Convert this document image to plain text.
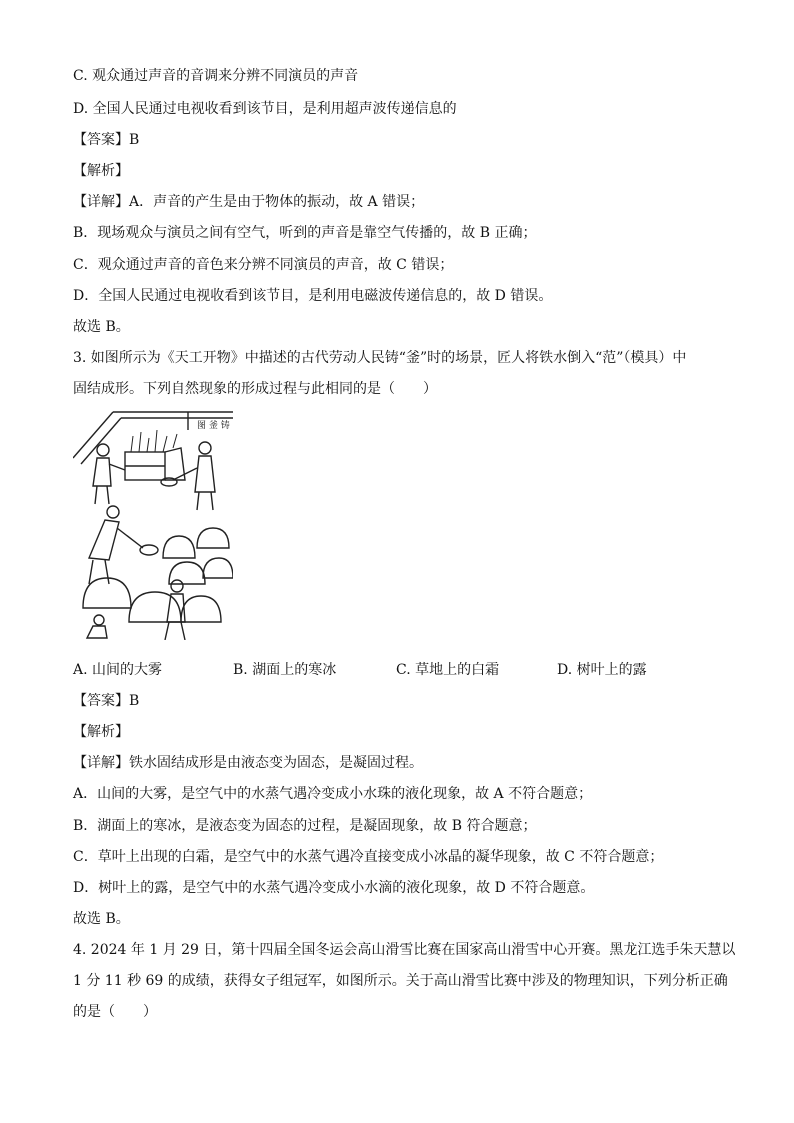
C. 观众通过声音的音调来分辨不同演员的声音
D. 全国人民通过电视收看到该节目，是利用超声波传递信息的
【答案】B
【解析】
【详解】A．声音的产生是由于物体的振动，故 A 错误；
B．现场观众与演员之间有空气，听到的声音是靠空气传播的，故 B 正确；
C．观众通过声音的音色来分辨不同演员的声音，故 C 错误；
D．全国人民通过电视收看到该节目，是利用电磁波传递信息的，故 D 错误。
故选 B。
3. 如图所示为《天工开物》中描述的古代劳动人民铸“釜”时的场景，匠人将铁水倒入“范”（模具）中
固结成形。下列自然现象的形成过程与此相同的是（　　）
图 釜 铸
A. 山间的大雾	B. 湖面上的寒冰	C. 草地上的白霜	D. 树叶上的露
【答案】B
【解析】
【详解】铁水固结成形是由液态变为固态，是凝固过程。
A．山间的大雾，是空气中的水蒸气遇冷变成小水珠的液化现象，故 A 不符合题意；
B．湖面上的寒冰，是液态变为固态的过程，是凝固现象，故 B 符合题意；
C．草叶上出现的白霜，是空气中的水蒸气遇冷直接变成小冰晶的凝华现象，故 C 不符合题意；
D．树叶上的露，是空气中的水蒸气遇冷变成小水滴的液化现象，故 D 不符合题意。
故选 B。
4. 2024 年 1 月 29 日，第十四届全国冬运会高山滑雪比赛在国家高山滑雪中心开赛。黑龙江选手朱天慧以
1 分 11 秒 69 的成绩，获得女子组冠军，如图所示。关于高山滑雪比赛中涉及的物理知识，下列分析正确
的是（　　）
